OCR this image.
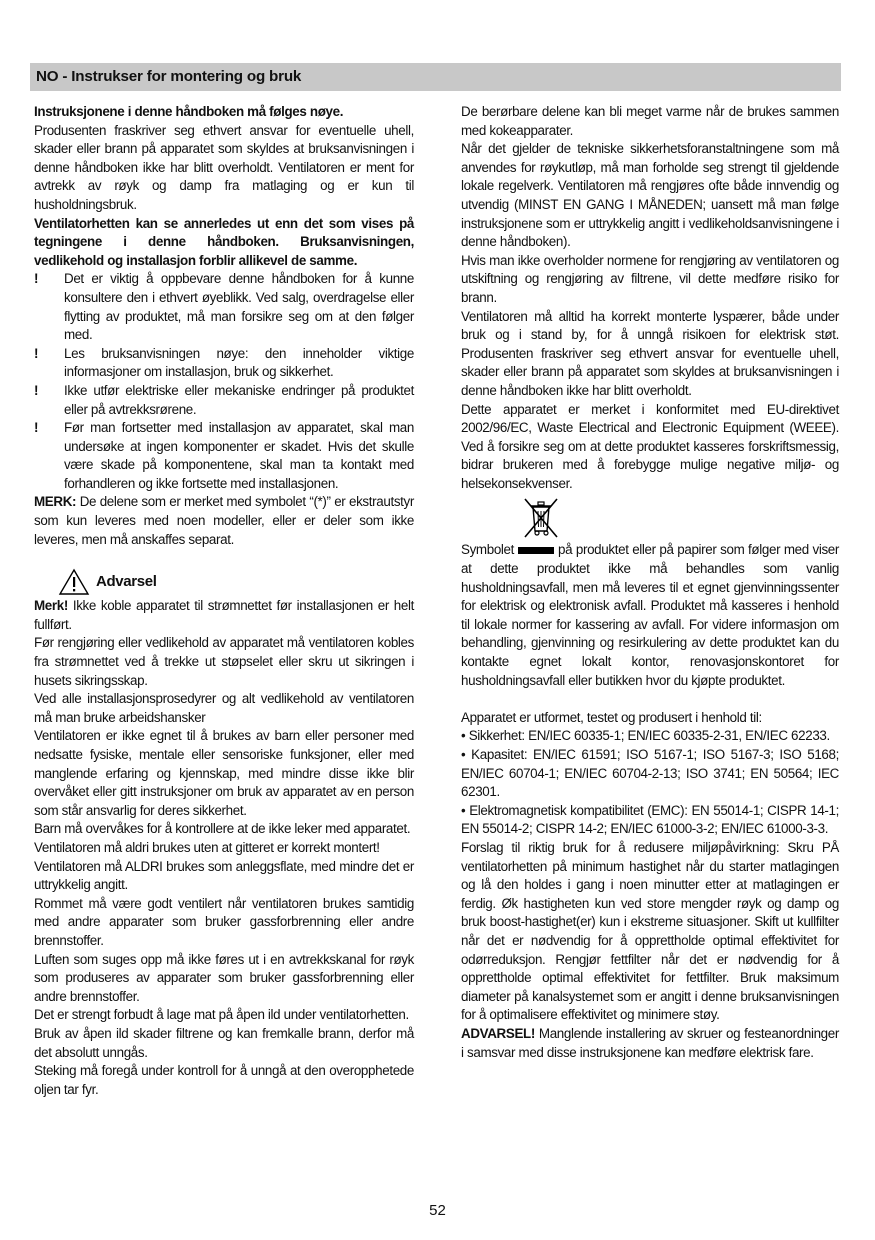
NO - Instrukser for montering og bruk

Instruksjonene i denne håndboken må følges nøye.
Produsenten fraskriver seg ethvert ansvar for eventuelle uhell, skader eller brann på apparatet som skyldes at bruksanvisningen i denne håndboken ikke har blitt overholdt. Ventilatoren er ment for avtrekk av røyk og damp fra matlaging og er kun til husholdningsbruk.

Ventilatorhetten kan se annerledes ut enn det som vises på tegningene i denne håndboken. Bruksanvisningen, vedlikehold og installasjon forblir allikevel de samme.

! Det er viktig å oppbevare denne håndboken for å kunne konsultere den i ethvert øyeblikk. Ved salg, overdragelse eller flytting av produktet, må man forsikre seg om at den følger med.

! Les bruksanvisningen nøye: den inneholder viktige informasjoner om installasjon, bruk og sikkerhet.

! Ikke utfør elektriske eller mekaniske endringer på produktet eller på avtrekksrørene.

! Før man fortsetter med installasjon av apparatet, skal man undersøke at ingen komponenter er skadet. Hvis det skulle være skade på komponentene, skal man ta kontakt med forhandleren og ikke fortsette med installasjonen.

MERK: De delene som er merket med symbolet “(*)” er ekstrautstyr som kun leveres med noen modeller, eller er deler som ikke leveres, men må anskaffes separat.

Advarsel

Merk! Ikke koble apparatet til strømnettet før installasjonen er helt fullført.

Før rengjøring eller vedlikehold av apparatet må ventilatoren kobles fra strømnettet ved å trekke ut støpselet eller skru ut sikringen i husets sikringsskap.

Ved alle installasjonsprosedyrer og alt vedlikehold av ventilatoren må man bruke arbeidshansker

Ventilatoren er ikke egnet til å brukes av barn eller personer med nedsatte fysiske, mentale eller sensoriske funksjoner, eller med manglende erfaring og kjennskap, med mindre disse ikke blir overvåket eller gitt instruksjoner om bruk av apparatet av en person som står ansvarlig for deres sikkerhet.

Barn må overvåkes for å kontrollere at de ikke leker med apparatet.

Ventilatoren må aldri brukes uten at gitteret er korrekt montert!

Ventilatoren må ALDRI brukes som anleggsflate, med mindre det er uttrykkelig angitt.

Rommet må være godt ventilert når ventilatoren brukes samtidig med andre apparater som bruker gassforbrenning eller andre brennstoffer.

Luften som suges opp må ikke føres ut i en avtrekkskanal for røyk som produseres av apparater som bruker gassforbrenning eller andre brennstoffer.

Det er strengt forbudt å lage mat på åpen ild under ventilatorhetten.

Bruk av åpen ild skader filtrene og kan fremkalle brann, derfor må det absolutt unngås.

Steking må foregå under kontroll for å unngå at den overopphetede oljen tar fyr.

De berørbare delene kan bli meget varme når de brukes sammen med kokeapparater.

Når det gjelder de tekniske sikkerhetsforanstaltningene som må anvendes for røykutløp, må man forholde seg strengt til gjeldende lokale regelverk. Ventilatoren må rengjøres ofte både innvendig og utvendig (MINST EN GANG I MÅNEDEN; uansett må man følge instruksjonene som er uttrykkelig angitt i vedlikeholdsanvisningene i denne håndboken).

Hvis man ikke overholder normene for rengjøring av ventilatoren og utskiftning og rengjøring av filtrene, vil dette medføre risiko for brann.

Ventilatoren må alltid ha korrekt monterte lyspærer, både under bruk og i stand by, for å unngå risikoen for elektrisk støt. Produsenten fraskriver seg ethvert ansvar for eventuelle uhell, skader eller brann på apparatet som skyldes at bruksanvisningen i denne håndboken ikke har blitt overholdt.

Dette apparatet er merket i konformitet med EU-direktivet 2002/96/EC, Waste Electrical and Electronic Equipment (WEEE). Ved å forsikre seg om at dette produktet kasseres forskriftsmessig, bidrar brukeren med å forebygge mulige negative miljø- og helsekonsekvenser.

Symbolet	på produktet eller på papirer som følger med viser at dette produktet ikke må behandles som vanlig husholdningsavfall, men må leveres til et egnet gjenvinningssenter for elektrisk og elektronisk avfall. Produktet må kasseres i henhold til lokale normer for kassering av avfall. For videre informasjon om behandling, gjenvinning og resirkulering av dette produktet kan du kontakte egnet lokalt kontor, renovasjonskontoret for husholdningsavfall eller butikken hvor du kjøpte produktet.

Apparatet er utformet, testet og produsert i henhold til:

• Sikkerhet: EN/IEC 60335-1; EN/IEC 60335-2-31, EN/IEC 62233.

• Kapasitet: EN/IEC 61591; ISO 5167-1; ISO 5167-3; ISO 5168; EN/IEC 60704-1; EN/IEC 60704-2-13; ISO 3741; EN 50564; IEC 62301.

• Elektromagnetisk kompatibilitet (EMC): EN 55014-1; CISPR 14-1; EN 55014-2; CISPR 14-2; EN/IEC 61000-3-2; EN/IEC 61000-3-3.

Forslag til riktig bruk for å redusere miljøpåvirkning: Skru PÅ ventilatorhetten på minimum hastighet når du starter matlagingen og lå den holdes i gang i noen minutter etter at matlagingen er ferdig. Øk hastigheten kun ved store mengder røyk og damp og bruk boost-hastighet(er) kun i ekstreme situasjoner. Skift ut kullfilter når det er nødvendig for å opprettholde optimal effektivitet for odørreduksjon. Rengjør fettfilter når det er nødvendig for å opprettholde optimal effektivitet for fettfilter. Bruk maksimum diameter på kanalsystemet som er angitt i denne bruksanvisningen for å optimalisere effektivitet og minimere støy.

ADVARSEL! Manglende installering av skruer og festeanordninger i samsvar med disse instruksjonene kan medføre elektrisk fare.

52
